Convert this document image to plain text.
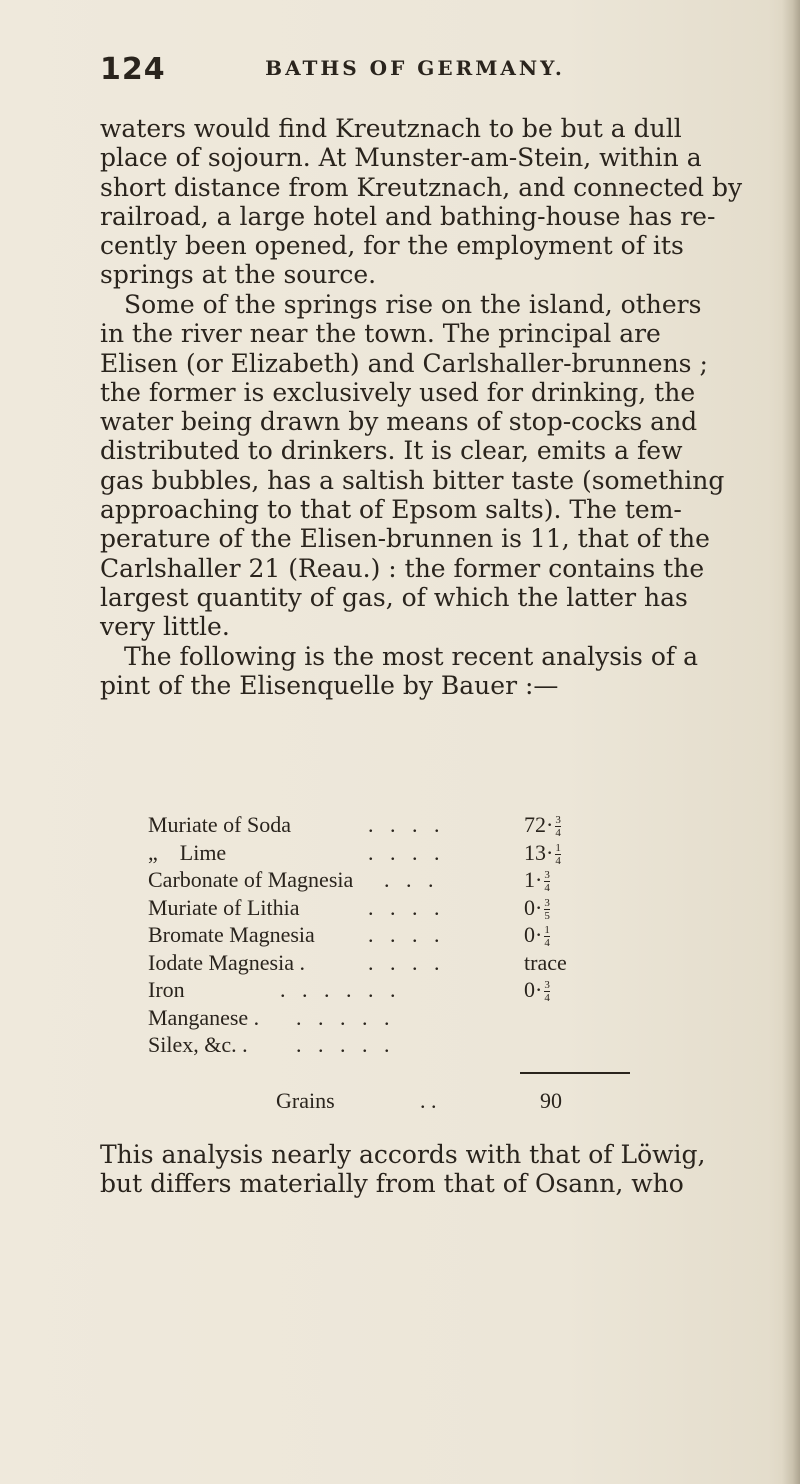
124	BATHS OF GERMANY.
waters would find Kreutznach to be but a dull
place of sojourn. At Munster-am-Stein, within a
short distance from Kreutznach, and connected by
railroad, a large hotel and bathing-house has re-
cently been opened, for the employment of its
springs at the source.
Some of the springs rise on the island, others
in the river near the town. The principal are
Elisen (or Elizabeth) and Carlshaller-brunnens ;
the former is exclusively used for drinking, the
water being drawn by means of stop-cocks and
distributed to drinkers. It is clear, emits a few
gas bubbles, has a saltish bitter taste (something
approaching to that of Epsom salts). The tem-
perature of the Elisen-brunnen is 11, that of the
Carlshaller 21 (Reau.) : the former contains the
largest quantity of gas, of which the latter has
very little.
The following is the most recent analysis of a
pint of the Elisenquelle by Bauer :—
Muriate of Soda	.   .   .   .	$72\cdot \frac{3}{4}$
„    Lime	.   .   .   .	$13\cdot \frac{1}{4}$
Carbonate of Magnesia .   .   .	$1\cdot \frac{3}{4}$
Muriate of Lithia	.   .   .   .	$0\cdot \frac{3}{5}$
Bromate Magnesia .   .   .   .	$0\cdot \frac{1}{4}$
Iodate Magnesia .	.   .   .   .	trace
Iron	.   .   .   .   .   .	$0\cdot \frac{3}{4}$
Manganese . .   .   .   .   .
Silex, &c. . .   .   .   .   .
Grains	. .	90
This analysis nearly accords with that of Löwig,
but differs materially from that of Osann, who
